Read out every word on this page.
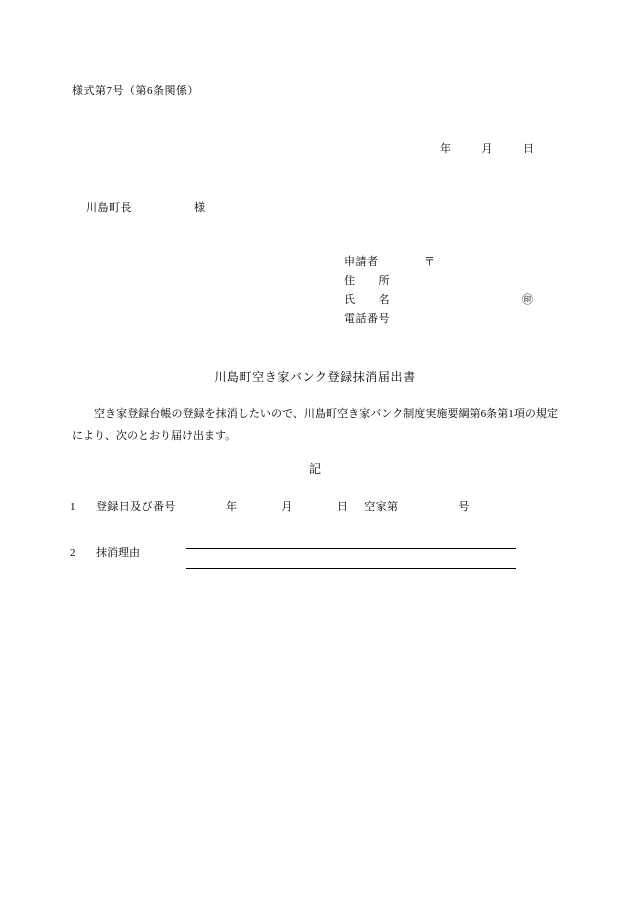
様式第7号（第6条関係）
年	月	日
川島町長	様
申請者	〒
住　　所
氏　　名	㊞
電話番号
川島町空き家バンク登録抹消届出書
空き家登録台帳の登録を抹消したいので、川島町空き家バンク制度実施要綱第6条第1項の規定により、次のとおり届け出ます。
記
1 登録日及び番号	年	月	日 空家第	号
2 抹消理由
